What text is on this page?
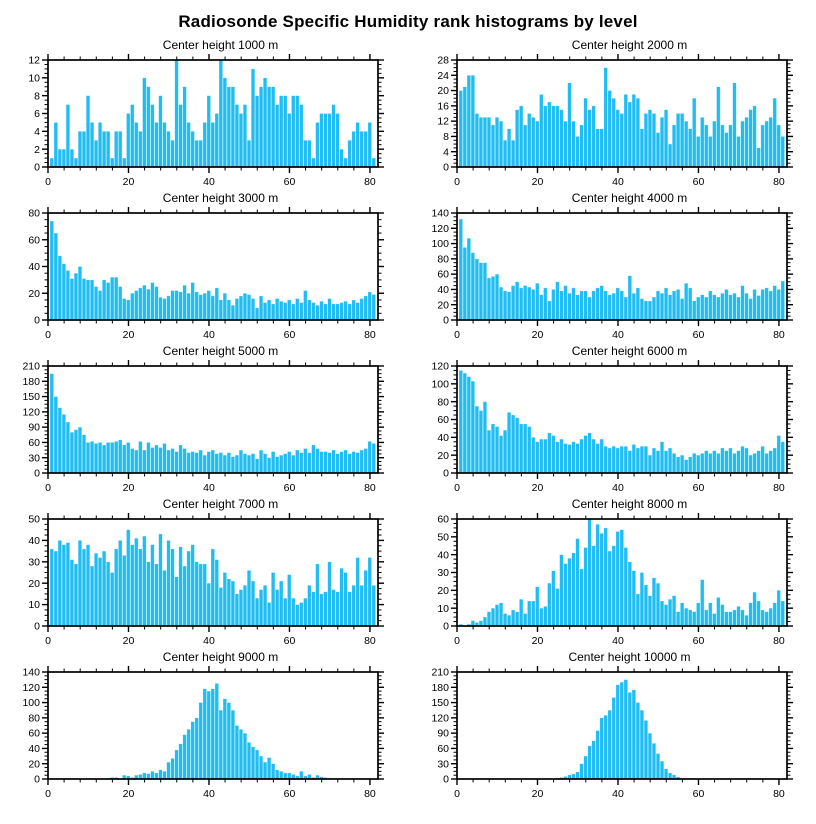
Radiosonde Specific Humidity rank histograms by level
Center height 1000 m
0	20	40	60	80
0
2
4
6
8
10
12
Center height 2000 m
0	20	40	60	80
0
4
8
12
16
20
24
28
Center height 3000 m
0	20	40	60	80
0
20
40
60
80
Center height 4000 m
0	20	40	60	80
0
20
40
60
80
100
120
140
Center height 5000 m
0	20	40	60	80
0
30
60
90
120
150
180
210
Center height 6000 m
0	20	40	60	80
0
20
40
60
80
100
120
Center height 7000 m
0	20	40	60	80
0
10
20
30
40
50
Center height 8000 m
0	20	40	60	80
0
10
20
30
40
50
60
Center height 9000 m
0	20	40	60	80
0
20
40
60
80
100
120
140
Center height 10000 m
0	20	40	60	80
0
30
60
90
120
150
180
210
